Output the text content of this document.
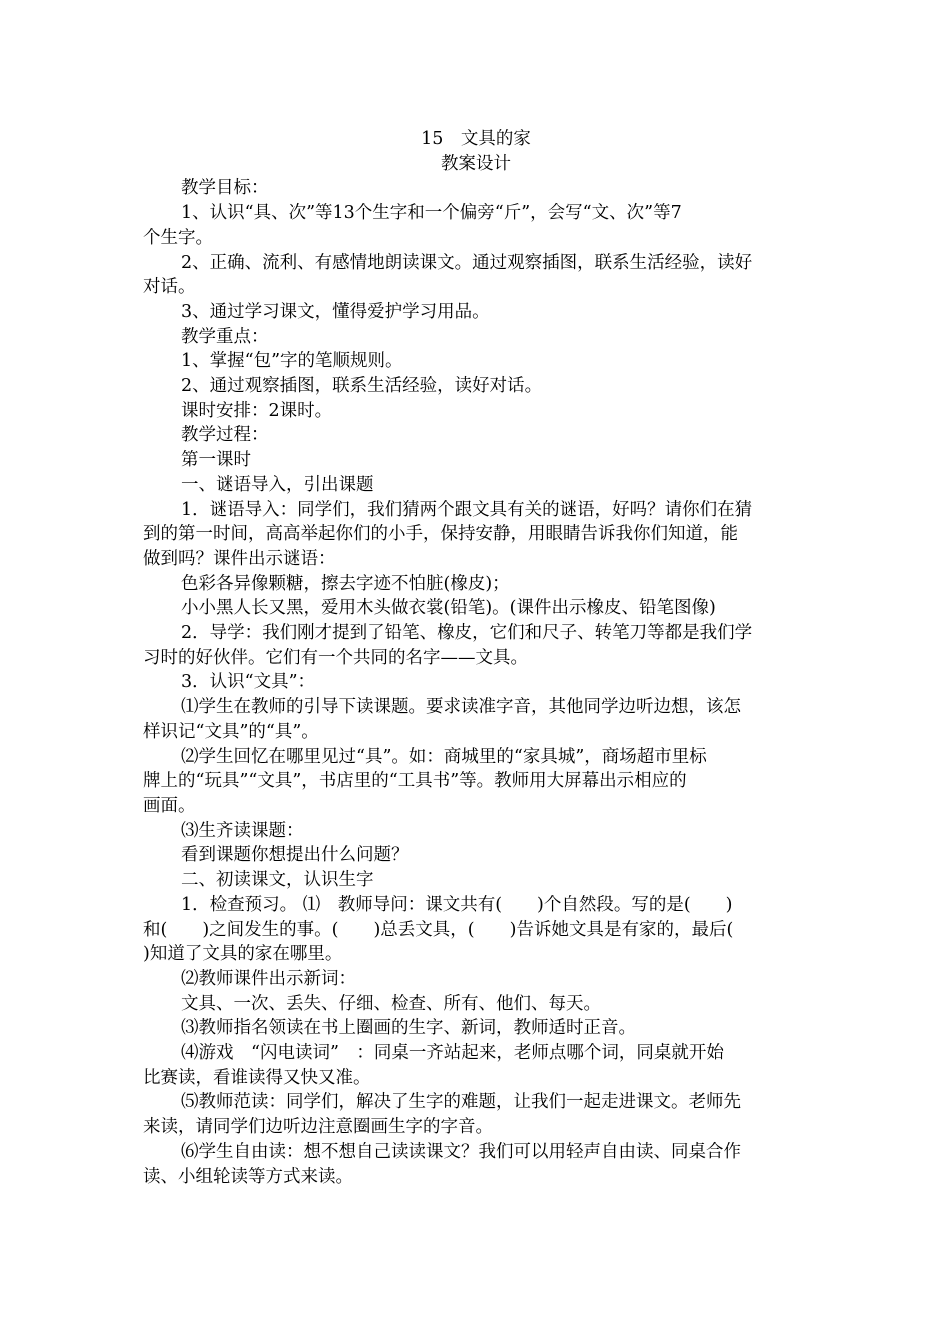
15　文具的家

教案设计

教学目标：

1、认识“具、次”等13个生字和一个偏旁“斤”，会写“文、次”等7
个生字。

2、正确、流利、有感情地朗读课文。通过观察插图，联系生活经验，读好
对话。

3、通过学习课文，懂得爱护学习用品。

教学重点：

1、掌握“包”字的笔顺规则。

2、通过观察插图，联系生活经验，读好对话。

课时安排：2课时。

教学过程：

第一课时

一、谜语导入，引出课题

1．谜语导入：同学们，我们猜两个跟文具有关的谜语，好吗？请你们在猜
到的第一时间，高高举起你们的小手，保持安静，用眼睛告诉我你们知道，能
做到吗？课件出示谜语：

色彩各异像颗糖，擦去字迹不怕脏(橡皮)；

小小黑人长又黑，爱用木头做衣裳(铅笔)。(课件出示橡皮、铅笔图像)

2．导学：我们刚才提到了铅笔、橡皮，它们和尺子、转笔刀等都是我们学
习时的好伙伴。它们有一个共同的名字——文具。

3．认识“文具”：

⑴学生在教师的引导下读课题。要求读准字音，其他同学边听边想，该怎
样识记“文具”的“具”。

⑵学生回忆在哪里见过“具”。如：商城里的“家具城”，商场超市里标
牌上的“玩具”“文具”，书店里的“工具书”等。教师用大屏幕出示相应的
画面。

⑶生齐读课题：

看到课题你想提出什么问题？

二、初读课文，认识生字

1．检查预习。 ⑴　教师导问：课文共有(　　)个自然段。写的是(　　)
和(　　)之间发生的事。(　　)总丢文具，(　　)告诉她文具是有家的，最后(
)知道了文具的家在哪里。

⑵教师课件出示新词：

文具、一次、丢失、仔细、检查、所有、他们、每天。

⑶教师指名领读在书上圈画的生字、新词，教师适时正音。

⑷游戏　“闪电读词”　：同桌一齐站起来，老师点哪个词，同桌就开始
比赛读，看谁读得又快又准。

⑸教师范读：同学们，解决了生字的难题，让我们一起走进课文。老师先
来读，请同学们边听边注意圈画生字的字音。

⑹学生自由读：想不想自己读读课文？我们可以用轻声自由读、同桌合作
读、小组轮读等方式来读。
